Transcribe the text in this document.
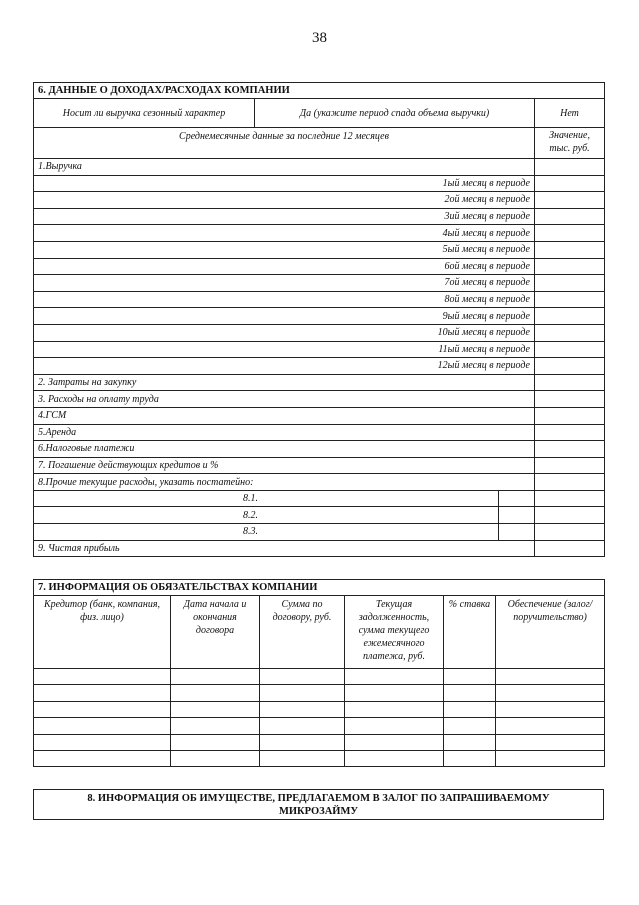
38
6. ДАННЫЕ О ДОХОДАХ/РАСХОДАХ КОМПАНИИ			
Носит ли выручка сезонный характер	Да (укажите период спада объема выручки)		Нет
Среднемесячные данные за последние 12 месяцев			Значение, тыс. руб.
1.Выручка			
1ый месяц в периоде			
2ой месяц в периоде			
3ий месяц в периоде			
4ый месяц в периоде			
5ый месяц в периоде			
6ой месяц в периоде			
7ой месяц в периоде			
8ой месяц в периоде			
9ый месяц в периоде			
10ый месяц в периоде			
11ый месяц в периоде			
12ый месяц в периоде			
2. Затраты на закупку			
3. Расходы на оплату труда			
4.ГСМ			
5.Аренда			
6.Налоговые платежи			
7. Погашение действующих кредитов и %			
8.Прочие текущие расходы, указать постатейно:			
8.1.			
8.2.			
8.3.			
9. Чистая прибыль			
7. ИНФОРМАЦИЯ ОБ ОБЯЗАТЕЛЬСТВАХ КОМПАНИИ					
Кредитор (банк, компания, физ. лицо)	Дата начала и окончания договора	Сумма по договору, руб.	Текущая задолженность, сумма текущего ежемесячного платежа, руб.	% ставка	Обеспечение (залог/ поручительство)

8. ИНФОРМАЦИЯ ОБ ИМУЩЕСТВЕ, ПРЕДЛАГАЕМОМ В ЗАЛОГ ПО ЗАПРАШИВАЕМОМУ МИКРОЗАЙМУ
